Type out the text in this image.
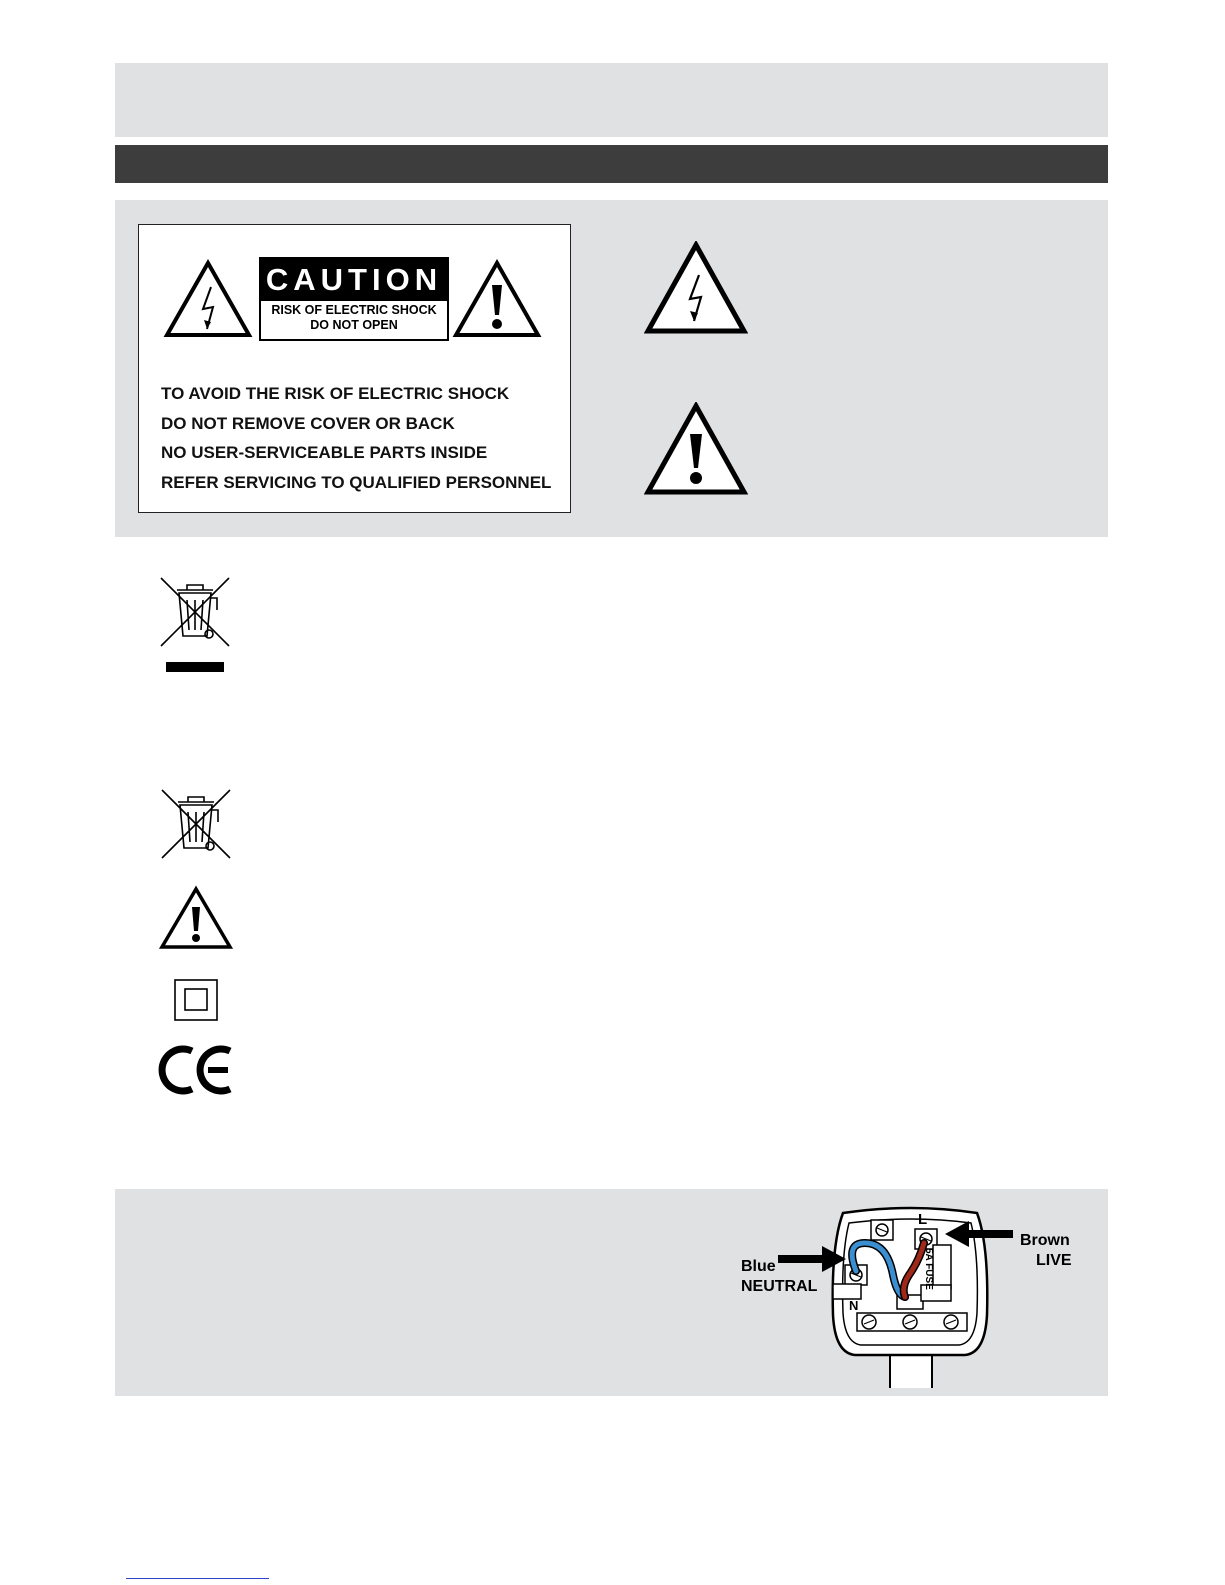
CAUTION
RISK OF ELECTRIC SHOCK
DO NOT OPEN
TO AVOID THE RISK OF ELECTRIC SHOCK
DO NOT REMOVE COVER OR BACK
NO USER-SERVICEABLE PARTS INSIDE
REFER SERVICING TO QUALIFIED PERSONNEL
L
N
5A FUSE
Blue
NEUTRAL
Brown
LIVE
